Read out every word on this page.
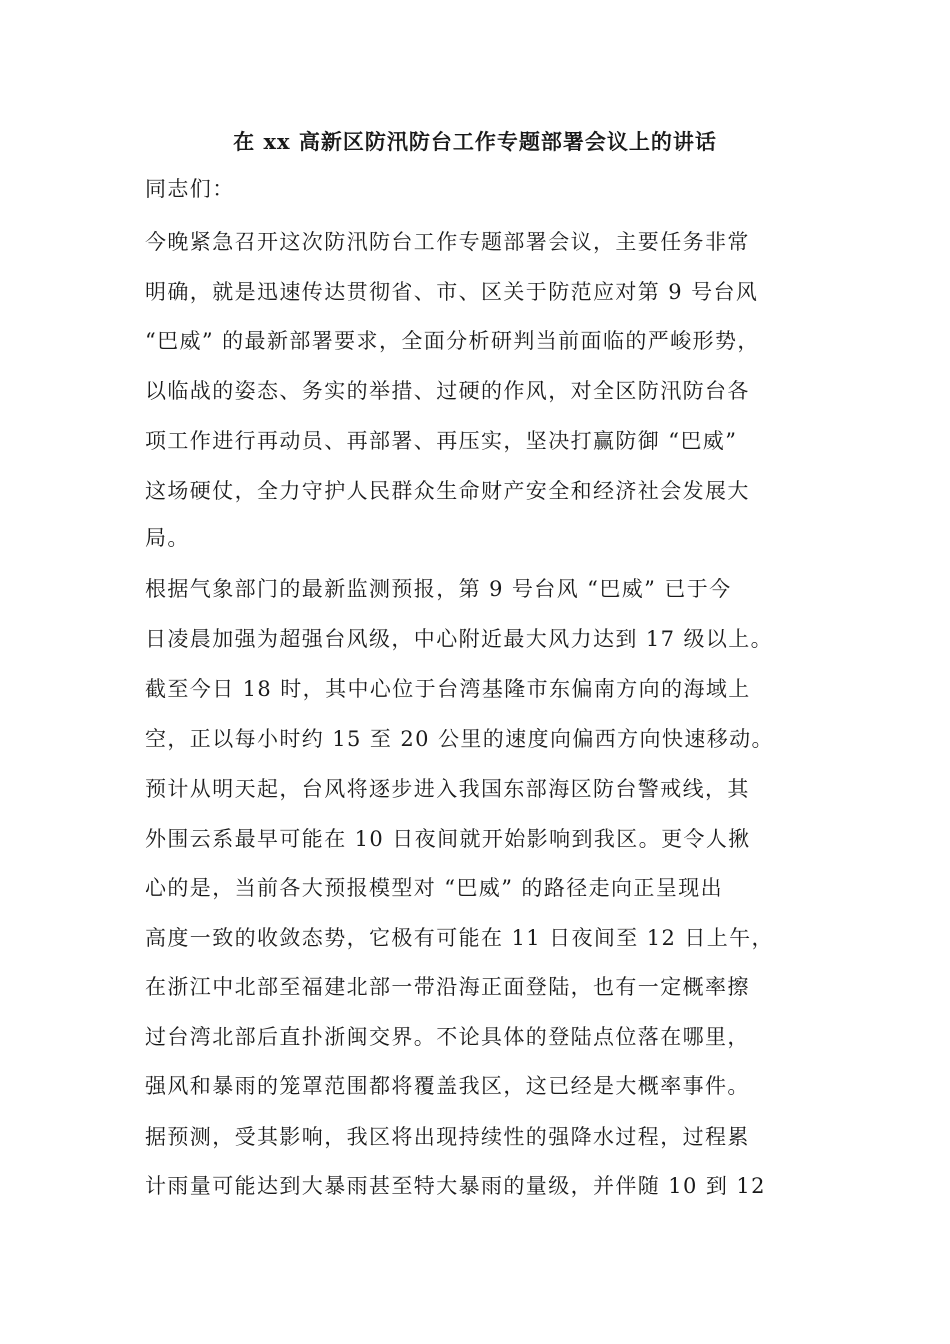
在 xx 高新区防汛防台工作专题部署会议上的讲话
同志们：
今晚紧急召开这次防汛防台工作专题部署会议，主要任务非常
明确，就是迅速传达贯彻省、市、区关于防范应对第 9 号台风
“巴威” 的最新部署要求，全面分析研判当前面临的严峻形势，
以临战的姿态、务实的举措、过硬的作风，对全区防汛防台各
项工作进行再动员、再部署、再压实，坚决打赢防御 “巴威”
这场硬仗，全力守护人民群众生命财产安全和经济社会发展大
局。
根据气象部门的最新监测预报，第 9 号台风 “巴威” 已于今
日凌晨加强为超强台风级，中心附近最大风力达到 17 级以上。
截至今日 18 时，其中心位于台湾基隆市东偏南方向的海域上
空，正以每小时约 15 至 20 公里的速度向偏西方向快速移动。
预计从明天起，台风将逐步进入我国东部海区防台警戒线，其
外围云系最早可能在 10 日夜间就开始影响到我区。更令人揪
心的是，当前各大预报模型对 “巴威” 的路径走向正呈现出
高度一致的收敛态势，它极有可能在 11 日夜间至 12 日上午，
在浙江中北部至福建北部一带沿海正面登陆，也有一定概率擦
过台湾北部后直扑浙闽交界。不论具体的登陆点位落在哪里，
强风和暴雨的笼罩范围都将覆盖我区，这已经是大概率事件。
据预测，受其影响，我区将出现持续性的强降水过程，过程累
计雨量可能达到大暴雨甚至特大暴雨的量级，并伴随 10 到 12
